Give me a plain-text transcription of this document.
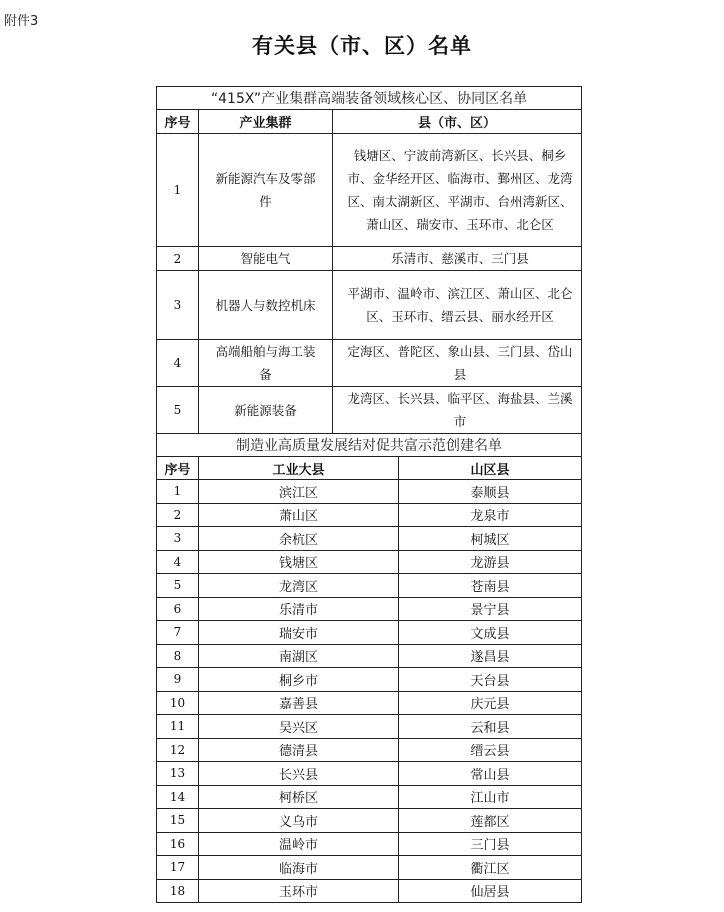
附件3
有关县（市、区）名单
“415X”产业集群高端装备领域核心区、协同区名单			
序号	产业集群	县（市、区）	
1	新能源汽车及零部件	钱塘区、宁波前湾新区、长兴县、桐乡市、金华经开区、临海市、鄞州区、龙湾区、南太湖新区、平湖市、台州湾新区、萧山区、瑞安市、玉环市、北仑区	
2	智能电气	乐清市、慈溪市、三门县	
3	机器人与数控机床	平湖市、温岭市、滨江区、萧山区、北仑区、玉环市、缙云县、丽水经开区	
4	高端船舶与海工装备	定海区、普陀区、象山县、三门县、岱山县	
5	新能源装备	龙湾区、长兴县、临平区、海盐县、兰溪市	
制造业高质量发展结对促共富示范创建名单			
序号	工业大县		山区县
1	滨江区		泰顺县
2	萧山区		龙泉市
3	余杭区		柯城区
4	钱塘区		龙游县
5	龙湾区		苍南县
6	乐清市		景宁县
7	瑞安市		文成县
8	南湖区		遂昌县
9	桐乡市		天台县
10	嘉善县		庆元县
11	吴兴区		云和县
12	德清县		缙云县
13	长兴县		常山县
14	柯桥区		江山市
15	义乌市		莲都区
16	温岭市		三门县
17	临海市		衢江区
18	玉环市		仙居县
